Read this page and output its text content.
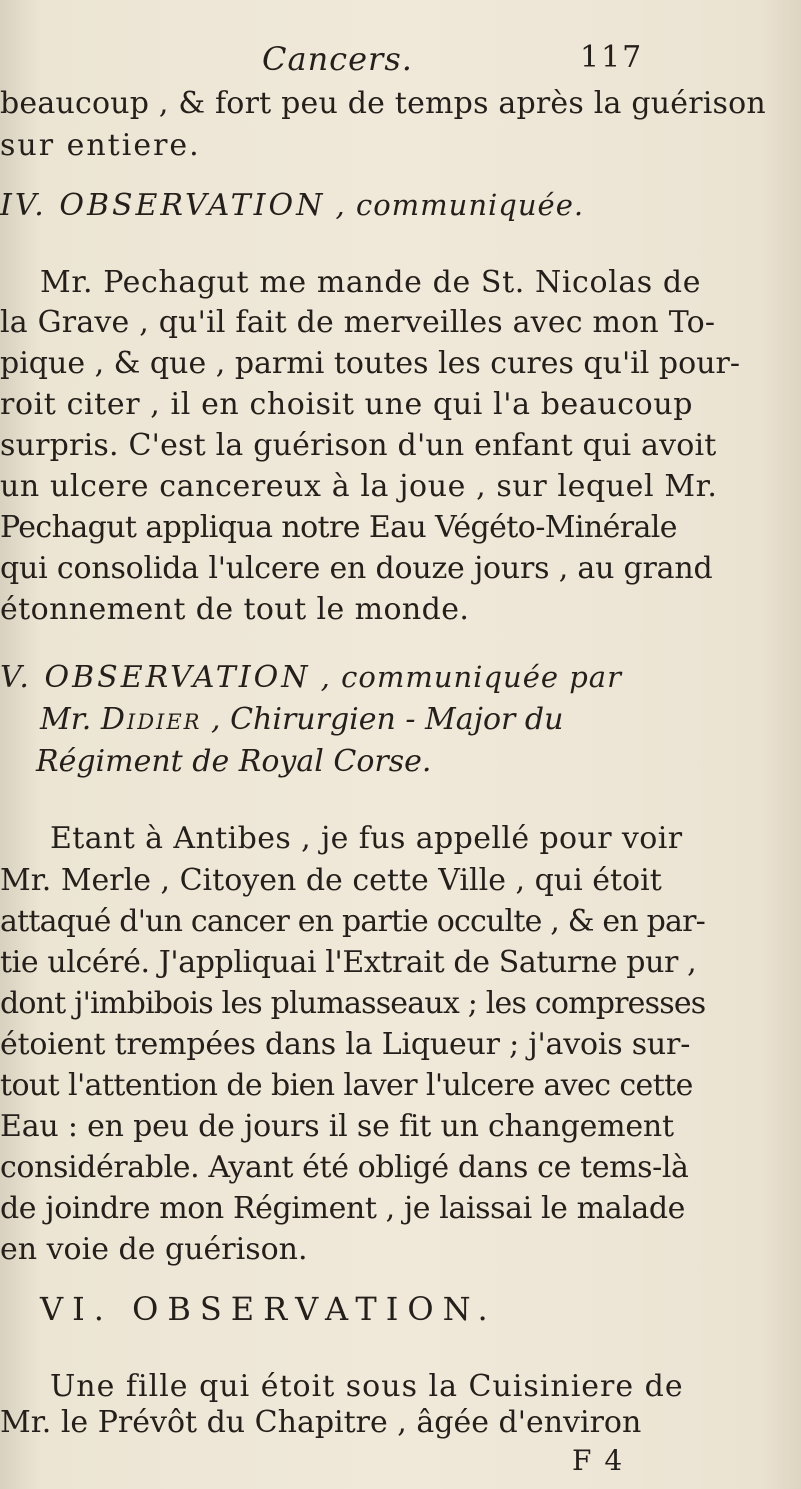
Cancers.	117
beaucoup , & fort peu de temps après la guérison
sur entiere.
IV. OBSERVATION , communiquée.
Mr. Pechagut me mande de St. Nicolas de
la Grave , qu'il fait de merveilles avec mon To-
pique , & que , parmi toutes les cures qu'il pour-
roit citer , il en choisit une qui l'a beaucoup
surpris. C'est la guérison d'un enfant qui avoit
un ulcere cancereux à la joue , sur lequel Mr.
Pechagut appliqua notre Eau Végéto-Minérale
qui consolida l'ulcere en douze jours , au grand
étonnement de tout le monde.
V. OBSERVATION , communiquée par
Mr. Didier , Chirurgien - Major du
Régiment de Royal Corse.
Etant à Antibes , je fus appellé pour voir
Mr. Merle , Citoyen de cette Ville , qui étoit
attaqué d'un cancer en partie occulte , & en par-
tie ulcéré. J'appliquai l'Extrait de Saturne pur ,
dont j'imbibois les plumasseaux ; les compresses
étoient trempées dans la Liqueur ; j'avois sur-
tout l'attention de bien laver l'ulcere avec cette
Eau : en peu de jours il se fit un changement
considérable. Ayant été obligé dans ce tems-là
de joindre mon Régiment , je laissai le malade
en voie de guérison.
VI. OBSERVATION.
Une fille qui étoit sous la Cuisiniere de
Mr. le Prévôt du Chapitre , âgée d'environ
F 4
